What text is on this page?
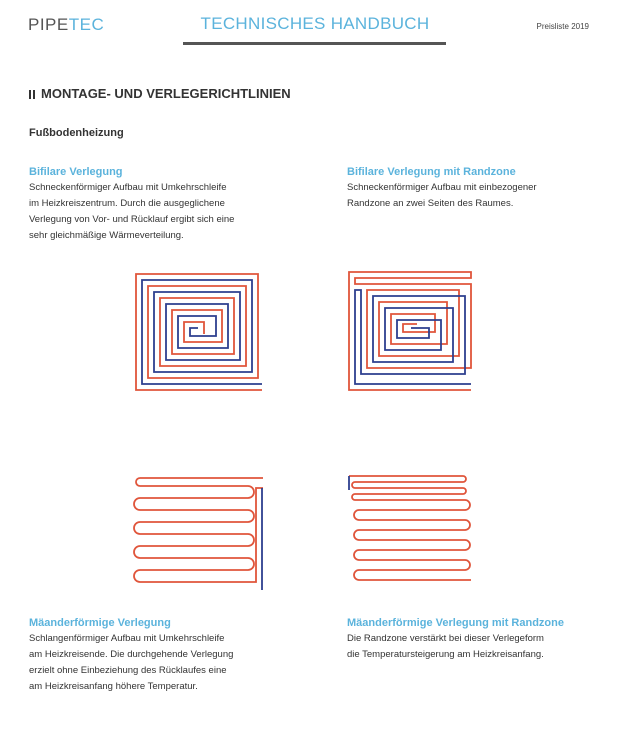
PIPETEC	TECHNISCHES HANDBUCH	Preisliste 2019
MONTAGE- UND VERLEGERICHTLINIEN
Fußbodenheizung
Bifilare Verlegung
Schneckenförmiger Aufbau mit Umkehrschleife
im Heizkreiszentrum. Durch die ausgeglichene
Verlegung von Vor- und Rücklauf ergibt sich eine
sehr gleichmäßige Wärmeverteilung.
Bifilare Verlegung mit Randzone
Schneckenförmiger Aufbau mit einbezogener
Randzone an zwei Seiten des Raumes.
Mäanderförmige Verlegung
Schlangenförmiger Aufbau mit Umkehrschleife
am Heizkreisende. Die durchgehende Verlegung
erzielt ohne Einbeziehung des Rücklaufes eine
am Heizkreisanfang höhere Temperatur.
Mäanderförmige Verlegung mit Randzone
Die Randzone verstärkt bei dieser Verlegeform
die Temperatursteigerung am Heizkreisanfang.
